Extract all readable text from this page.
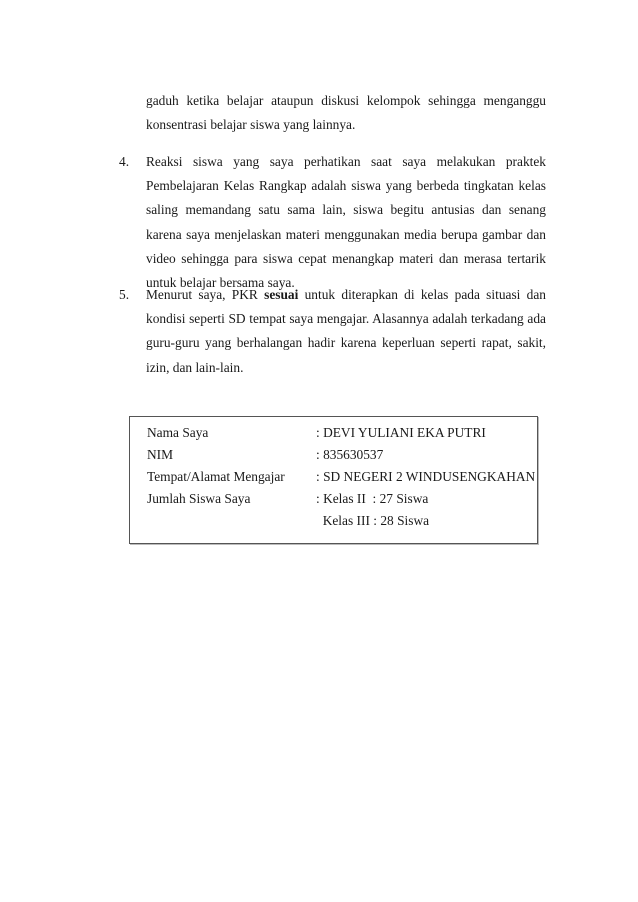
gaduh ketika belajar ataupun diskusi kelompok sehingga menganggu konsentrasi belajar siswa yang lainnya.
4.	Reaksi siswa yang saya perhatikan saat saya melakukan praktek Pembelajaran Kelas Rangkap adalah siswa yang berbeda tingkatan kelas saling memandang satu sama lain, siswa begitu antusias dan senang karena saya menjelaskan materi menggunakan media berupa gambar dan video sehingga para siswa cepat menangkap materi dan merasa tertarik untuk belajar bersama saya.
5.	Menurut saya, PKR sesuai untuk diterapkan di kelas pada situasi dan kondisi seperti SD tempat saya mengajar. Alasannya adalah terkadang ada guru-guru yang berhalangan hadir karena keperluan seperti rapat, sakit, izin, dan lain-lain.
Nama Saya	: DEVI YULIANI EKA PUTRI
NIM	: 835630537
Tempat/Alamat Mengajar : SD NEGERI 2 WINDUSENGKAHAN
Jumlah Siswa Saya	: Kelas II  : 27 Siswa
Kelas III : 28 Siswa
